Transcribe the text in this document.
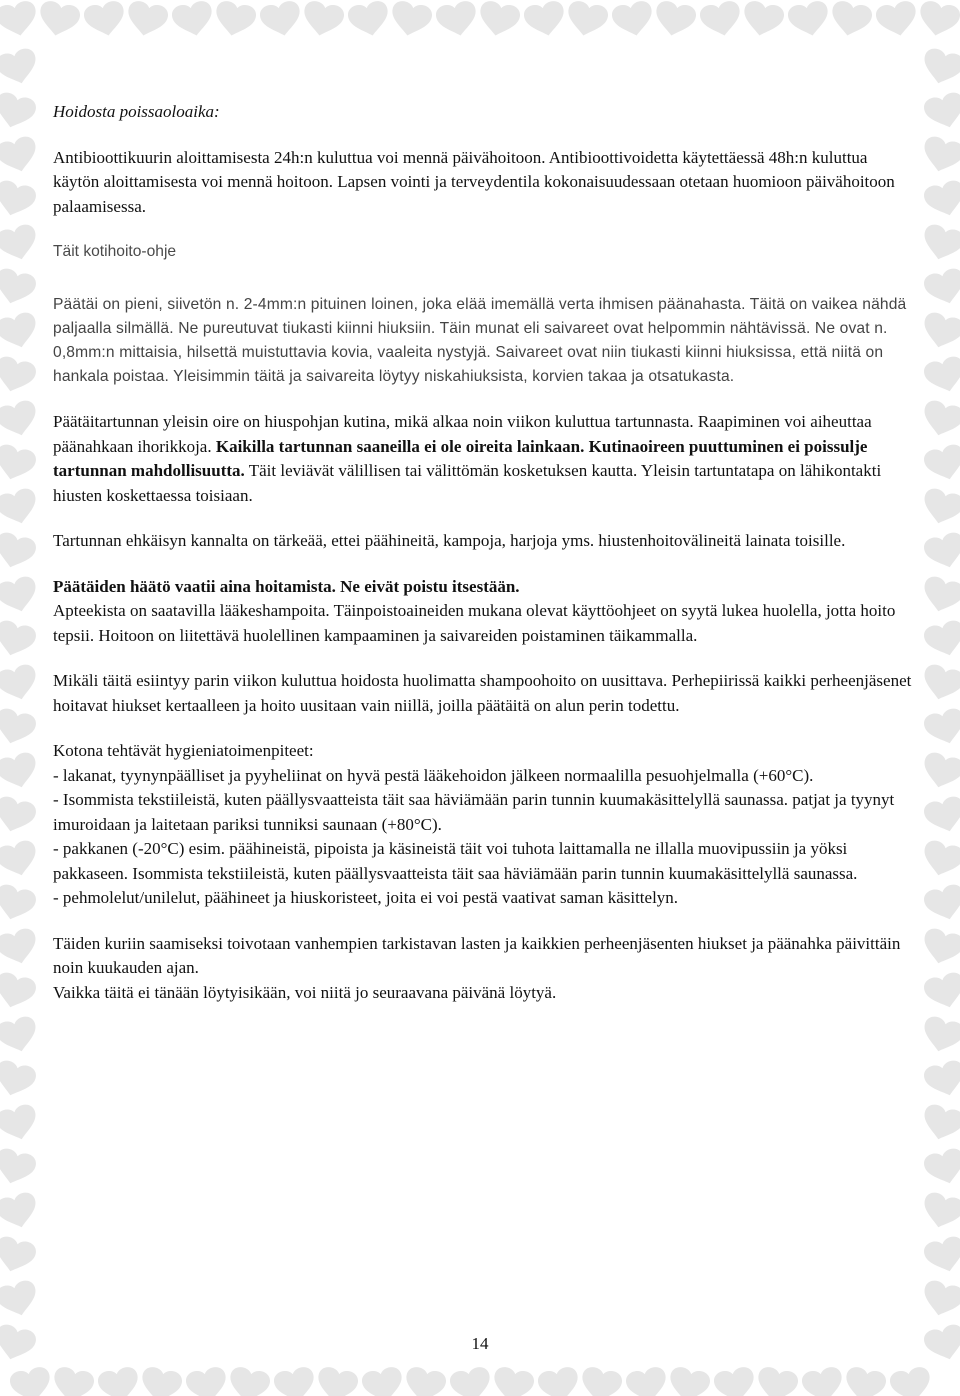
Hoidosta poissaoloaika:

Antibioottikuurin aloittamisesta 24h:n kuluttua voi mennä päivähoitoon. Antibioottivoidetta käytettäessä 48h:n kuluttua käytön aloittamisesta voi mennä hoitoon. Lapsen vointi ja terveydentila kokonaisuudessaan otetaan huomioon päivähoitoon palaamisessa.

Täit kotihoito-ohje

Päätäi on pieni, siivetön n. 2-4mm:n pituinen loinen, joka elää imemällä verta ihmisen päänahasta. Täitä on vaikea nähdä paljaalla silmällä. Ne pureutuvat tiukasti kiinni hiuksiin. Täin munat eli saivareet ovat helpommin nähtävissä. Ne ovat n. 0,8mm:n mittaisia, hilsettä muistuttavia kovia, vaaleita nystyjä. Saivareet ovat niin tiukasti kiinni hiuksissa, että niitä on hankala poistaa. Yleisimmin täitä ja saivareita löytyy niskahiuksista, korvien takaa ja otsatukasta.

Päätäitartunnan yleisin oire on hiuspohjan kutina, mikä alkaa noin viikon kuluttua tartunnasta. Raapiminen voi aiheuttaa päänahkaan ihorikkoja. Kaikilla tartunnan saaneilla ei ole oireita lainkaan. Kutinaoireen puuttuminen ei poissulje tartunnan mahdollisuutta. Täit leviävät välillisen tai välittömän kosketuksen kautta. Yleisin tartuntatapa on lähikontakti hiusten koskettaessa toisiaan.

Tartunnan ehkäisyn kannalta on tärkeää, ettei päähineitä, kampoja, harjoja yms. hiustenhoitovälineitä lainata toisille.

Päätäiden häätö vaatii aina hoitamista. Ne eivät poistu itsestään.

Apteekista on saatavilla lääkeshampoita. Täinpoistoaineiden mukana olevat käyttöohjeet on syytä lukea huolella, jotta hoito tepsii. Hoitoon on liitettävä huolellinen kampaaminen ja saivareiden poistaminen täikammalla.

Mikäli täitä esiintyy parin viikon kuluttua hoidosta huolimatta shampoohoito on uusittava. Perhepiirissä kaikki perheenjäsenet hoitavat hiukset kertaalleen ja hoito uusitaan vain niillä, joilla päätäitä on alun perin todettu.

Kotona tehtävät hygieniatoimenpiteet:

- lakanat, tyynynpäälliset ja pyyheliinat on hyvä pestä lääkehoidon jälkeen normaalilla pesuohjelmalla (+60°C).

- Isommista tekstiileistä, kuten päällysvaatteista täit saa häviämään parin tunnin kuumakäsittelyllä saunassa. patjat ja tyynyt imuroidaan ja laitetaan pariksi tunniksi saunaan (+80°C).

- pakkanen (-20°C) esim. päähineistä, pipoista ja käsineistä täit voi tuhota laittamalla ne illalla muovipussiin ja yöksi pakkaseen. Isommista tekstiileistä, kuten päällysvaatteista täit saa häviämään parin tunnin kuumakäsittelyllä saunassa.

- pehmolelut/unilelut, päähineet ja hiuskoristeet, joita ei voi pestä vaativat saman käsittelyn.

Täiden kuriin saamiseksi toivotaan vanhempien tarkistavan lasten ja kaikkien perheenjäsenten hiukset ja päänahka päivittäin noin kuukauden ajan.

Vaikka täitä ei tänään löytyisikään, voi niitä jo seuraavana päivänä löytyä.

14
